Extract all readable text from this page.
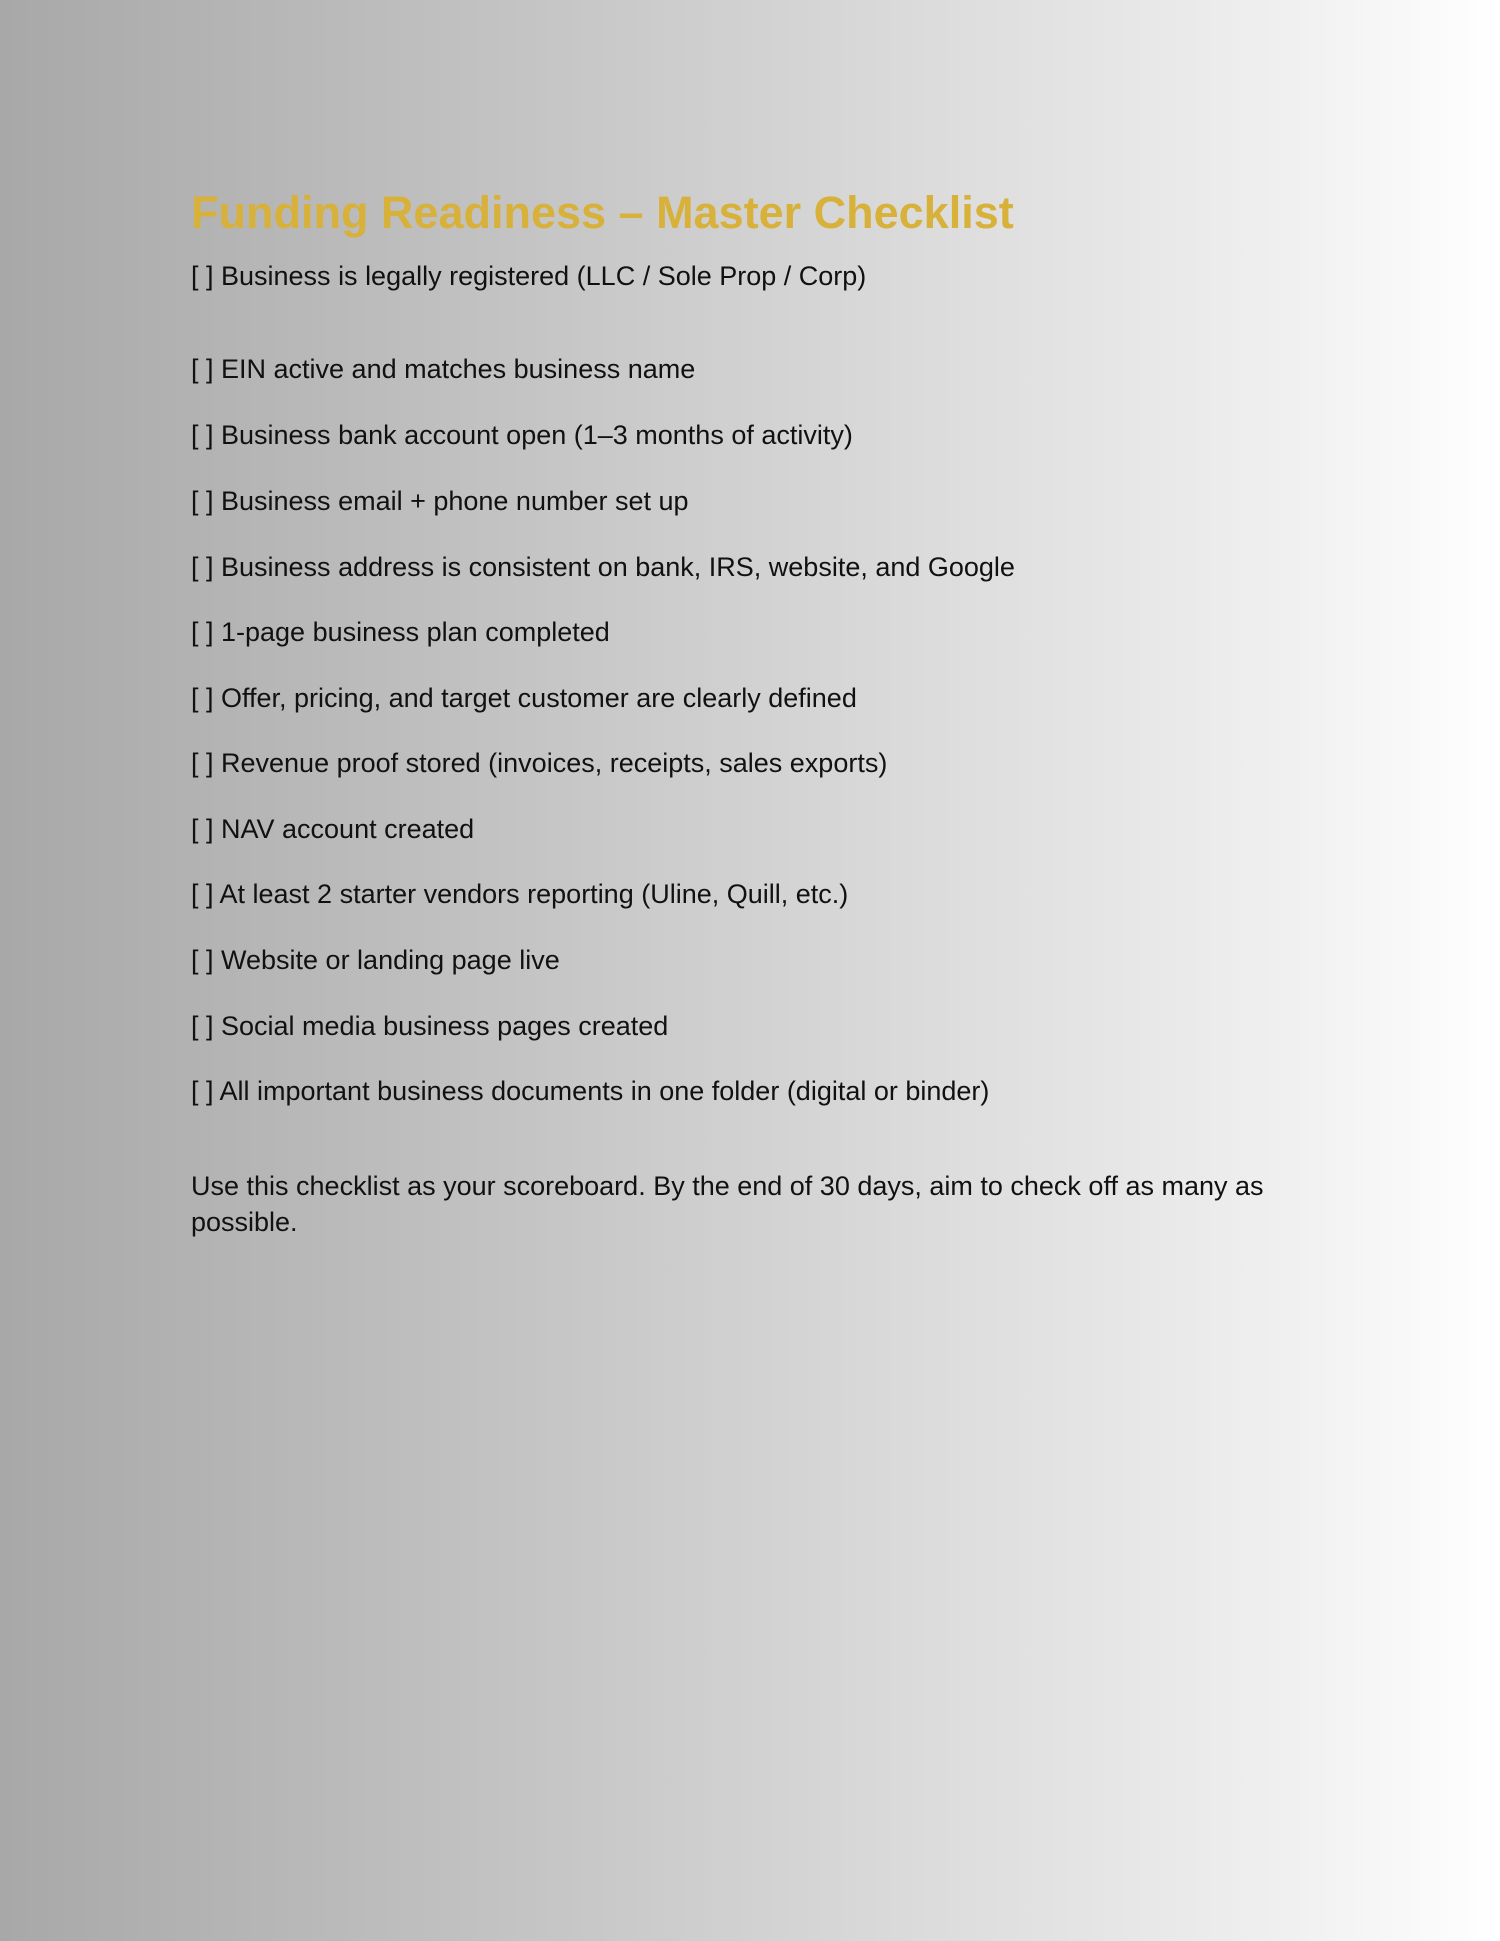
Funding Readiness – Master Checklist

[ ] Business is legally registered (LLC / Sole Prop / Corp)

[ ] EIN active and matches business name

[ ] Business bank account open (1–3 months of activity)

[ ] Business email + phone number set up

[ ] Business address is consistent on bank, IRS, website, and Google

[ ] 1-page business plan completed

[ ] Offer, pricing, and target customer are clearly defined

[ ] Revenue proof stored (invoices, receipts, sales exports)

[ ] NAV account created

[ ] At least 2 starter vendors reporting (Uline, Quill, etc.)

[ ] Website or landing page live

[ ] Social media business pages created

[ ] All important business documents in one folder (digital or binder)

Use this checklist as your scoreboard. By the end of 30 days, aim to check off as many as possible.
